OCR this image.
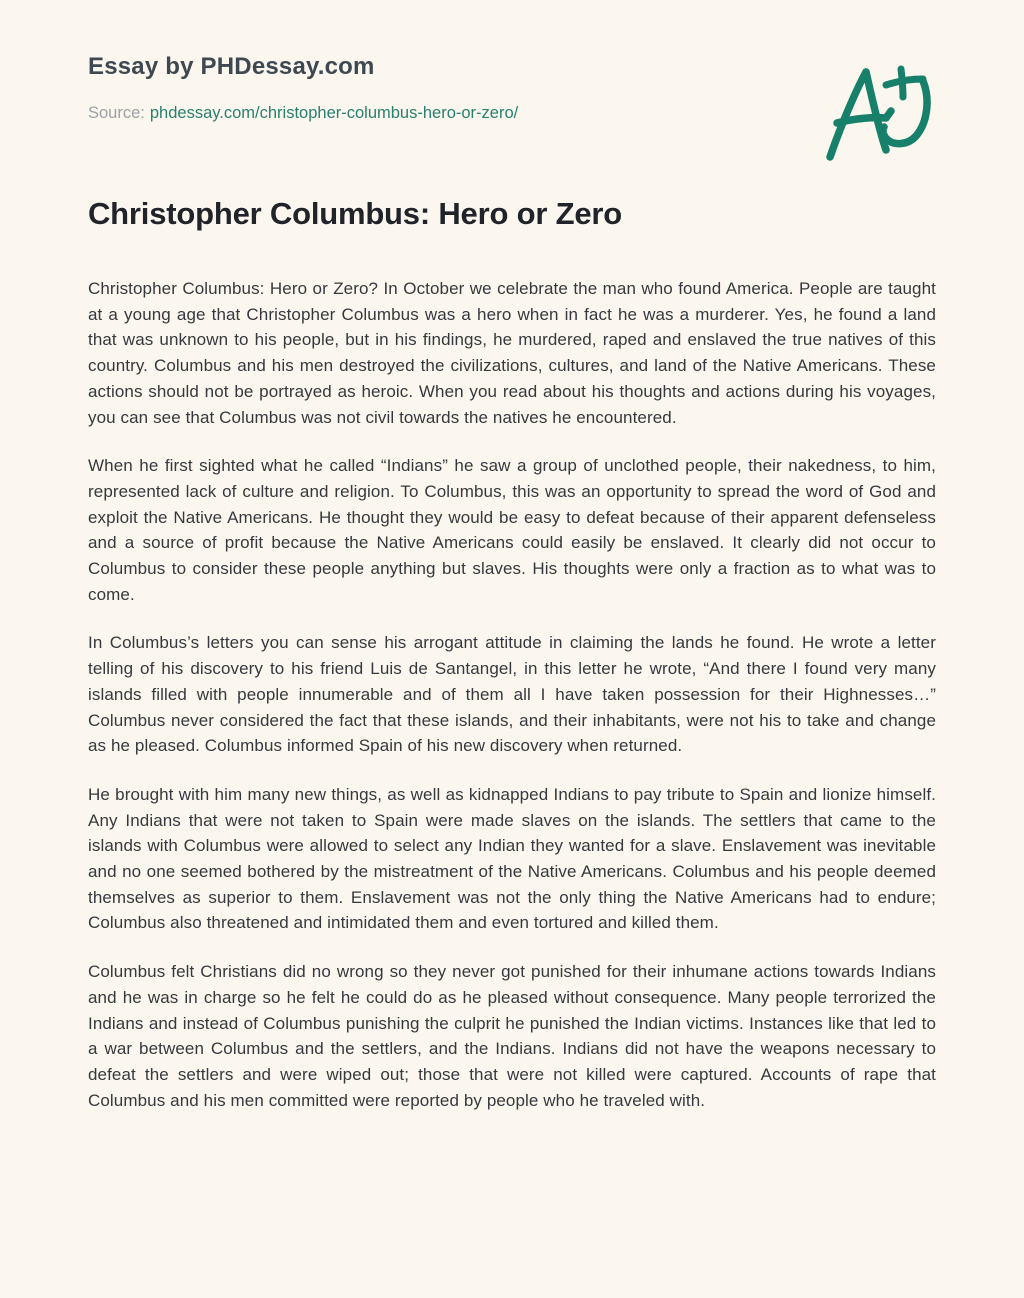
Essay by PHDessay.com
Source: phdessay.com/christopher-columbus-hero-or-zero/
Christopher Columbus: Hero or Zero

Christopher Columbus: Hero or Zero? In October we celebrate the man who found America. People are taught at a young age that Christopher Columbus was a hero when in fact he was a murderer. Yes, he found a land that was unknown to his people, but in his findings, he murdered, raped and enslaved the true natives of this country. Columbus and his men destroyed the civilizations, cultures, and land of the Native Americans. These actions should not be portrayed as heroic. When you read about his thoughts and actions during his voyages, you can see that Columbus was not civil towards the natives he encountered.

When he first sighted what he called “Indians” he saw a group of unclothed people, their nakedness, to him, represented lack of culture and religion. To Columbus, this was an opportunity to spread the word of God and exploit the Native Americans. He thought they would be easy to defeat because of their apparent defenseless and a source of profit because the Native Americans could easily be enslaved. It clearly did not occur to Columbus to consider these people anything but slaves. His thoughts were only a fraction as to what was to come.

In Columbus’s letters you can sense his arrogant attitude in claiming the lands he found. He wrote a letter telling of his discovery to his friend Luis de Santangel, in this letter he wrote, “And there I found very many islands filled with people innumerable and of them all I have taken possession for their Highnesses…” Columbus never considered the fact that these islands, and their inhabitants, were not his to take and change as he pleased. Columbus informed Spain of his new discovery when returned.

He brought with him many new things, as well as kidnapped Indians to pay tribute to Spain and lionize himself. Any Indians that were not taken to Spain were made slaves on the islands. The settlers that came to the islands with Columbus were allowed to select any Indian they wanted for a slave. Enslavement was inevitable and no one seemed bothered by the mistreatment of the Native Americans. Columbus and his people deemed themselves as superior to them. Enslavement was not the only thing the Native Americans had to endure; Columbus also threatened and intimidated them and even tortured and killed them.

Columbus felt Christians did no wrong so they never got punished for their inhumane actions towards Indians and he was in charge so he felt he could do as he pleased without consequence. Many people terrorized the Indians and instead of Columbus punishing the culprit he punished the Indian victims. Instances like that led to a war between Columbus and the settlers, and the Indians. Indians did not have the weapons necessary to defeat the settlers and were wiped out; those that were not killed were captured. Accounts of rape that Columbus and his men committed were reported by people who he traveled with.
